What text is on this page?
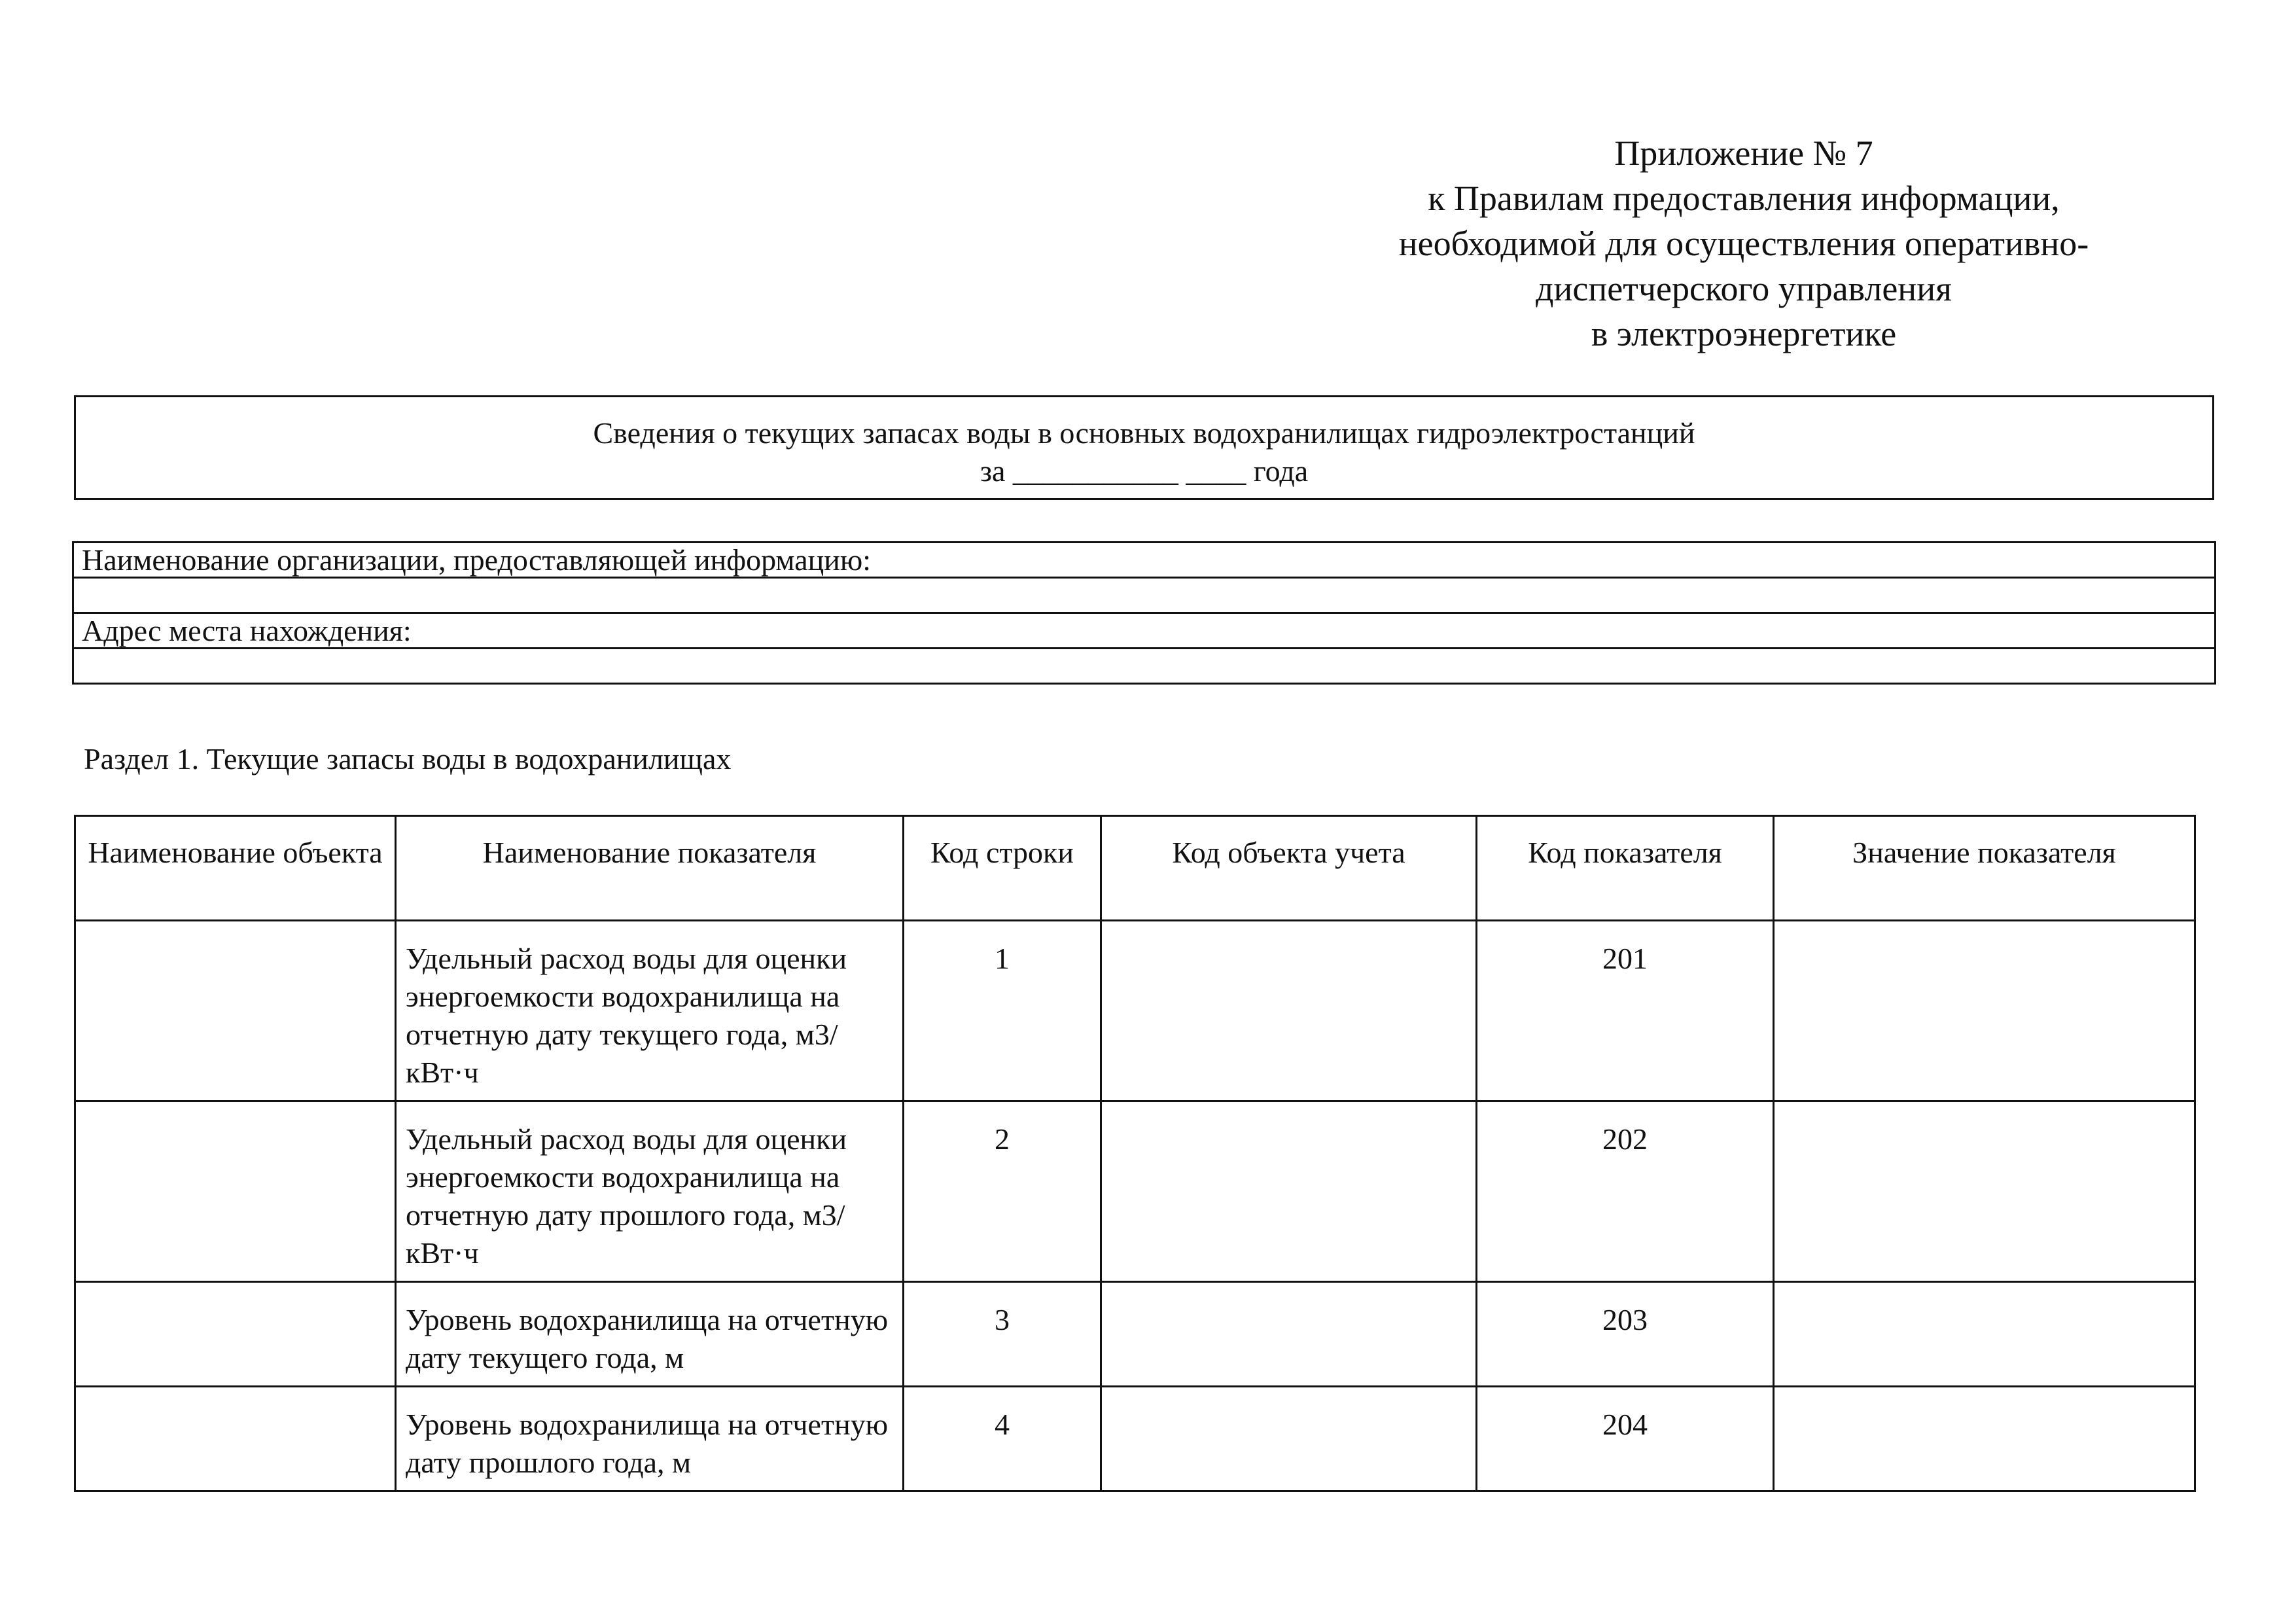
Приложение № 7
к Правилам предоставления информации,
необходимой для осуществления оперативно-
диспетчерского управления
в электроэнергетике
Сведения о текущих запасах воды в основных водохранилищах гидроэлектростанций
за ___________ ____ года
Наименование организации, предоставляющей информацию:

Адрес места нахождения:

Раздел 1. Текущие запасы воды в водохранилищах
Наименование объекта	Наименование показателя	Код строки	Код объекта учета	Код показателя	Значение показателя
	Удельный расход воды для оценки энергоемкости водохранилища на отчетную дату текущего года, м3/кВт·ч	1		201	
	Удельный расход воды для оценки энергоемкости водохранилища на отчетную дату прошлого года, м3/кВт·ч	2		202	
	Уровень водохранилища на отчетную дату текущего года, м	3		203	
	Уровень водохранилища на отчетную дату прошлого года, м	4		204	
